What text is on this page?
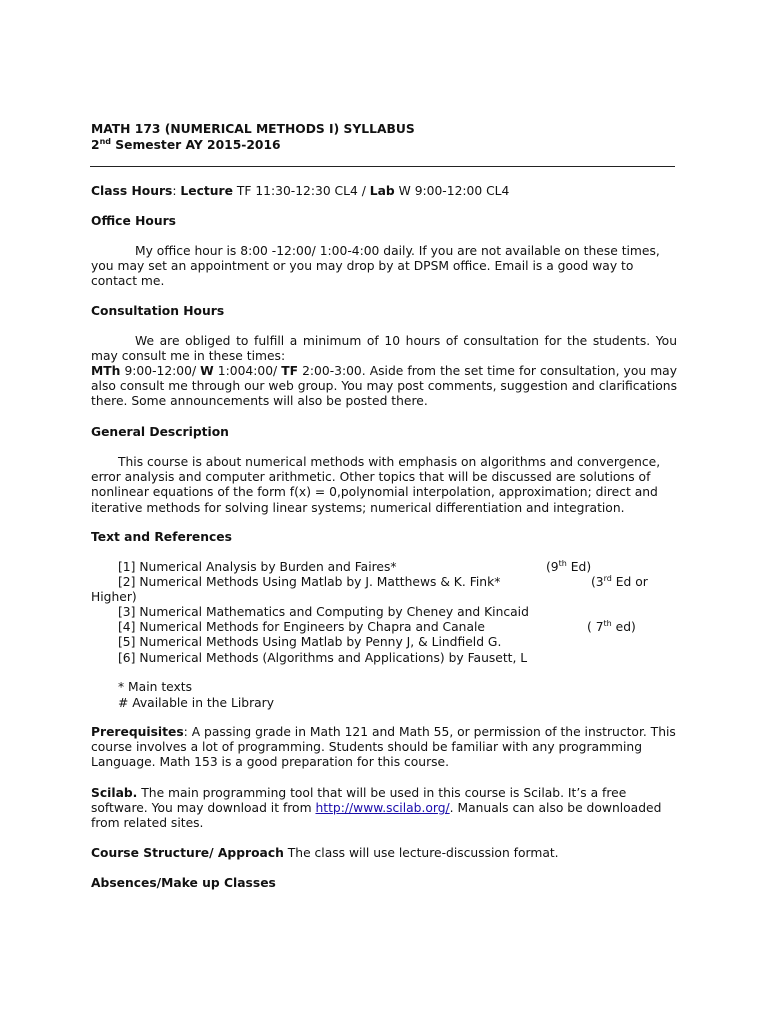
MATH 173 (NUMERICAL METHODS I) SYLLABUS
2nd Semester AY 2015-2016
Class Hours: Lecture TF 11:30-12:30 CL4 / Lab W 9:00-12:00 CL4
Office Hours
My office hour is 8:00 -12:00/ 1:00-4:00 daily. If you are not available on these times, you may set an appointment or you may drop by at DPSM office. Email is a good way to contact me.
Consultation Hours
We are obliged to fulfill a minimum of 10 hours of consultation for the students. You may consult me in these times:
MTh 9:00-12:00/ W 1:004:00/ TF 2:00-3:00. Aside from the set time for consultation, you may also consult me through our web group. You may post comments, suggestion and clarifications there. Some announcements will also be posted there.
General Description
This course is about numerical methods with emphasis on algorithms and convergence, error analysis and computer arithmetic. Other topics that will be discussed are solutions of nonlinear equations of the form f(x) = 0,polynomial interpolation, approximation; direct and iterative methods for solving linear systems; numerical differentiation and integration.
Text and References
[1] Numerical Analysis by Burden and Faires*	(9th Ed)
[2] Numerical Methods Using Matlab by J. Matthews & K. Fink*	(3rd Ed or
Higher)
[3] Numerical Mathematics and Computing by Cheney and Kincaid
[4] Numerical Methods for Engineers by Chapra and Canale	( 7th ed)
[5] Numerical Methods Using Matlab by Penny J, & Lindfield G.
[6] Numerical Methods (Algorithms and Applications) by Fausett, L
* Main texts
# Available in the Library
Prerequisites: A passing grade in Math 121 and Math 55, or permission of the instructor. This course involves a lot of programming. Students should be familiar with any programming Language. Math 153 is a good preparation for this course.
Scilab. The main programming tool that will be used in this course is Scilab. It’s a free software. You may download it from http://www.scilab.org/. Manuals can also be downloaded from related sites.
Course Structure/ Approach The class will use lecture-discussion format.
Absences/Make up Classes
